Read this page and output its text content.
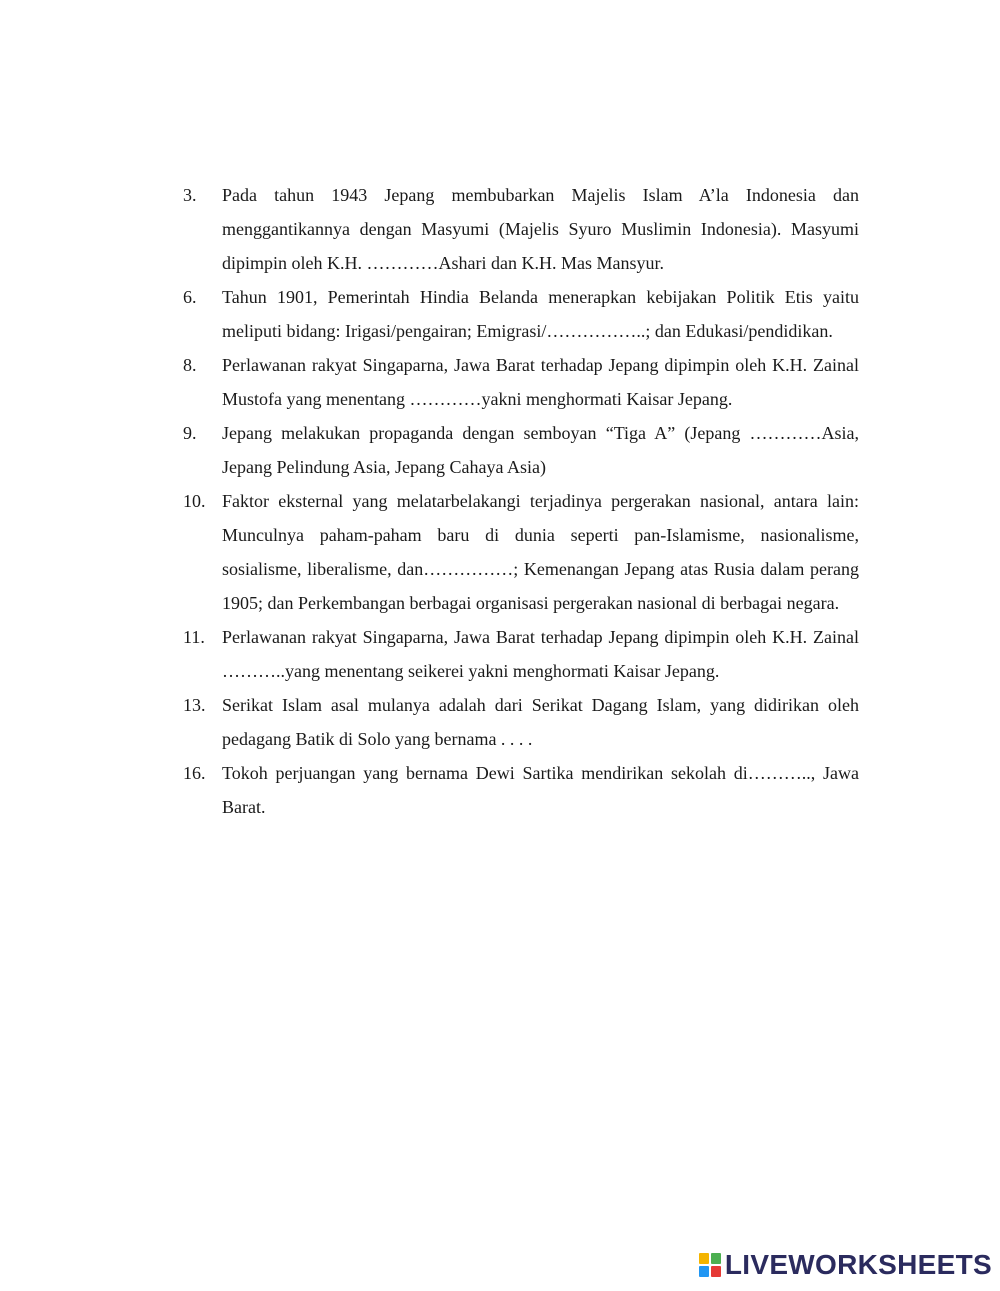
3.	Pada tahun 1943 Jepang membubarkan Majelis Islam A’la Indonesia dan menggantikannya dengan Masyumi (Majelis Syuro Muslimin Indonesia). Masyumi dipimpin oleh K.H. …………Ashari dan K.H. Mas Mansyur.
6.	Tahun 1901, Pemerintah Hindia Belanda menerapkan kebijakan Politik Etis yaitu meliputi bidang: Irigasi/pengairan; Emigrasi/……………..; dan Edukasi/pendidikan.
8.	Perlawanan rakyat Singaparna, Jawa Barat terhadap Jepang dipimpin oleh K.H. Zainal Mustofa yang menentang …………yakni menghormati Kaisar Jepang.
9.	Jepang melakukan propaganda dengan semboyan “Tiga A” (Jepang …………Asia, Jepang Pelindung Asia, Jepang Cahaya Asia)
10. Faktor eksternal yang melatarbelakangi terjadinya pergerakan nasional, antara lain: Munculnya paham-paham baru di dunia seperti pan-Islamisme, nasionalisme, sosialisme, liberalisme, dan……………; Kemenangan Jepang atas Rusia dalam perang 1905; dan Perkembangan berbagai organisasi pergerakan nasional di berbagai negara.
11. Perlawanan rakyat Singaparna, Jawa Barat terhadap Jepang dipimpin oleh K.H. Zainal ………..yang menentang seikerei yakni menghormati Kaisar Jepang.
13. Serikat Islam asal mulanya adalah dari Serikat Dagang Islam, yang didirikan oleh pedagang Batik di Solo yang bernama . . . .
16. Tokoh perjuangan yang bernama Dewi Sartika mendirikan sekolah di……….., Jawa Barat.
LIVEWORKSHEETS
